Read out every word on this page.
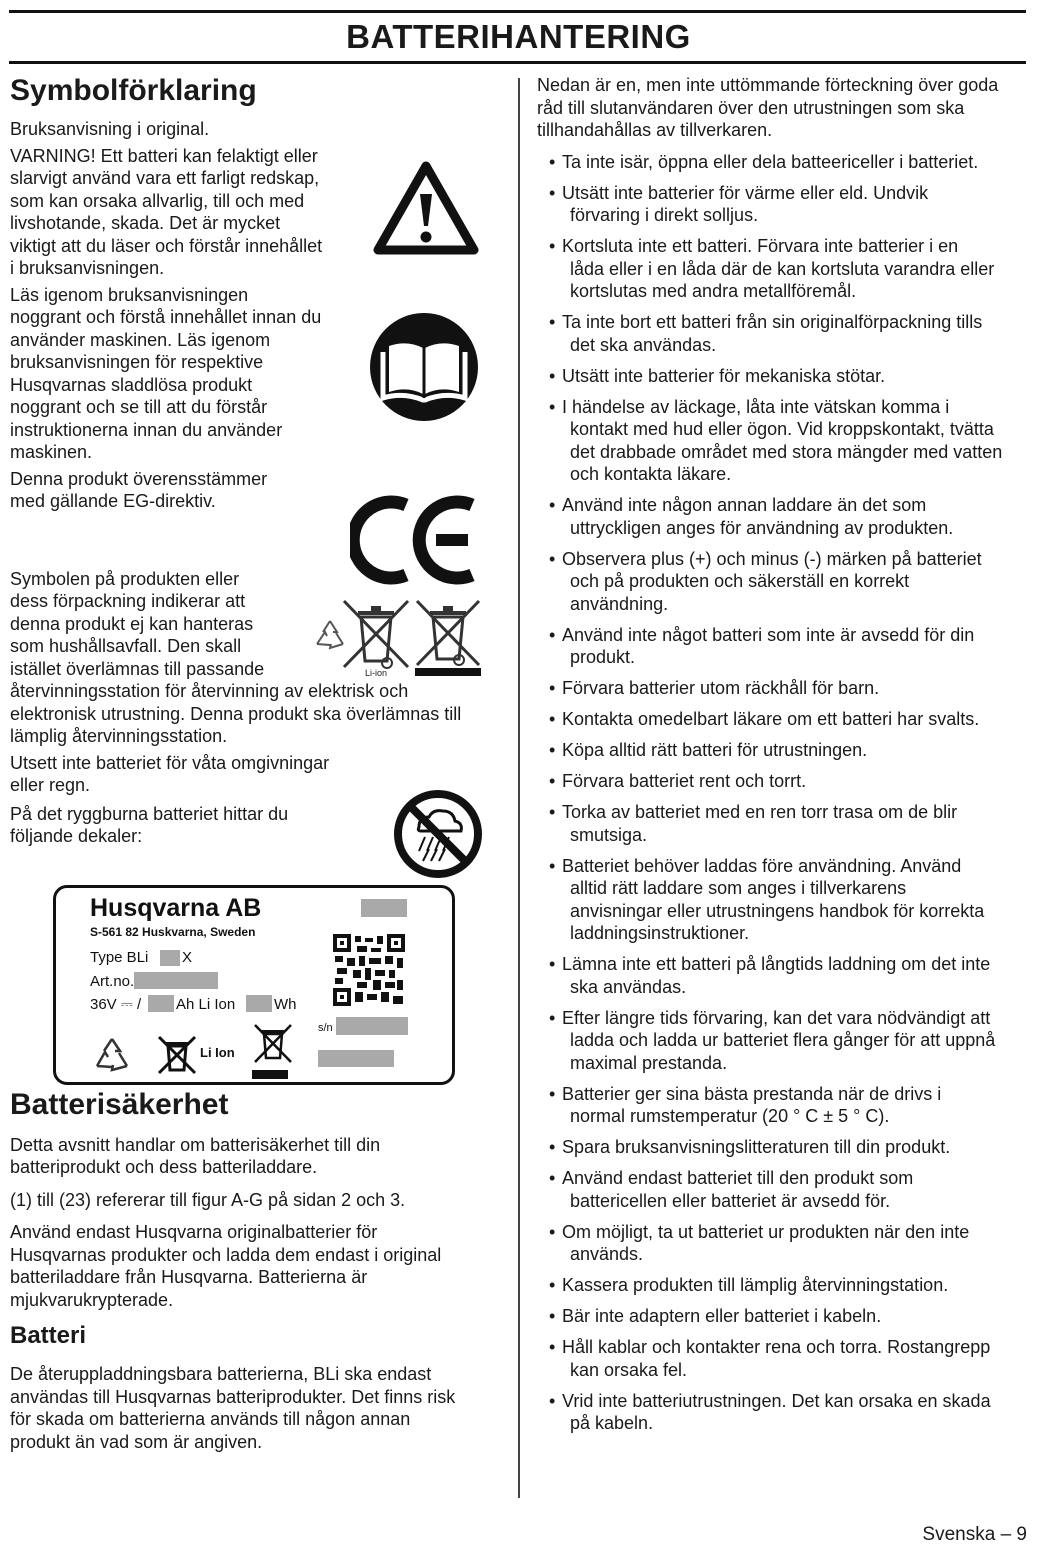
BATTERIHANTERING
Symbolförklaring

Bruksanvisning i original.

VARNING! Ett batteri kan felaktigt eller
slarvigt använd vara ett farligt redskap,
som kan orsaka allvarlig, till och med
livshotande, skada. Det är mycket
viktigt att du läser och förstår innehållet
i bruksanvisningen.

Läs igenom bruksanvisningen
noggrant och förstå innehållet innan du
använder maskinen. Läs igenom
bruksanvisningen för respektive
Husqvarnas sladdlösa produkt
noggrant och se till att du förstår
instruktionerna innan du använder
maskinen.

Denna produkt överensstämmer
med gällande EG-direktiv.

Symbolen på produkten eller
dess förpackning indikerar att
denna produkt ej kan hanteras
som hushållsavfall. Den skall
istället överlämnas till passande
återvinningsstation för återvinning av elektrisk och
elektronisk utrustning. Denna produkt ska överlämnas till
lämplig återvinningsstation.

Utsett inte batteriet för våta omgivningar
eller regn.

På det ryggburna batteriet hittar du
följande dekaler:

Batterisäkerhet

Detta avsnitt handlar om batterisäkerhet till din
batteriprodukt och dess batteriladdare.

(1) till (23) refererar till figur A-G på sidan 2 och 3.

Använd endast Husqvarna originalbatterier för
Husqvarnas produkter och ladda dem endast i original
batteriladdare från Husqvarna. Batterierna är
mjukvarukrypterade.

Batteri

De återuppladdningsbara batterierna, BLi ska endast
användas till Husqvarnas batteriprodukter. Det finns risk
för skada om batterierna används till någon annan
produkt än vad som är angiven.

Li-ion
Husqvarna AB
S-561 82 Huskvarna, Sweden
Type BLi X
Art.no.
36V ⎓ / Ah Li Ion	Wh
s/n
Li Ion

Nedan är en, men inte uttömmande förteckning över goda
råd till slutanvändaren över den utrustningen som ska
tillhandahållas av tillverkaren.

• Ta inte isär, öppna eller dela batteericeller i batteriet.
• Utsätt inte batterier för värme eller eld. Undvik
förvaring i direkt solljus.
• Kortsluta inte ett batteri. Förvara inte batterier i en
låda eller i en låda där de kan kortsluta varandra eller
kortslutas med andra metallföremål.
• Ta inte bort ett batteri från sin originalförpackning tills
det ska användas.
• Utsätt inte batterier för mekaniska stötar.
• I händelse av läckage, låta inte vätskan komma i
kontakt med hud eller ögon. Vid kroppskontakt, tvätta
det drabbade området med stora mängder med vatten
och kontakta läkare.
• Använd inte någon annan laddare än det som
uttryckligen anges för användning av produkten.
• Observera plus (+) och minus (-) märken på batteriet
och på produkten och säkerställ en korrekt
användning.
• Använd inte något batteri som inte är avsedd för din
produkt.
• Förvara batterier utom räckhåll för barn.
• Kontakta omedelbart läkare om ett batteri har svalts.
• Köpa alltid rätt batteri för utrustningen.
• Förvara batteriet rent och torrt.
• Torka av batteriet med en ren torr trasa om de blir
smutsiga.
• Batteriet behöver laddas före användning. Använd
alltid rätt laddare som anges i tillverkarens
anvisningar eller utrustningens handbok för korrekta
laddningsinstruktioner.
• Lämna inte ett batteri på långtids laddning om det inte
ska användas.
• Efter längre tids förvaring, kan det vara nödvändigt att
ladda och ladda ur batteriet flera gånger för att uppnå
maximal prestanda.
• Batterier ger sina bästa prestanda när de drivs i
normal rumstemperatur (20 ° C ± 5 ° C).
• Spara bruksanvisningslitteraturen till din produkt.
• Använd endast batteriet till den produkt som
battericellen eller batteriet är avsedd för.
• Om möjligt, ta ut batteriet ur produkten när den inte
används.
• Kassera produkten till lämplig återvinningstation.
• Bär inte adaptern eller batteriet i kabeln.
• Håll kablar och kontakter rena och torra. Rostangrepp
kan orsaka fel.
• Vrid inte batteriutrustningen. Det kan orsaka en skada
på kabeln.
Svenska – 9
